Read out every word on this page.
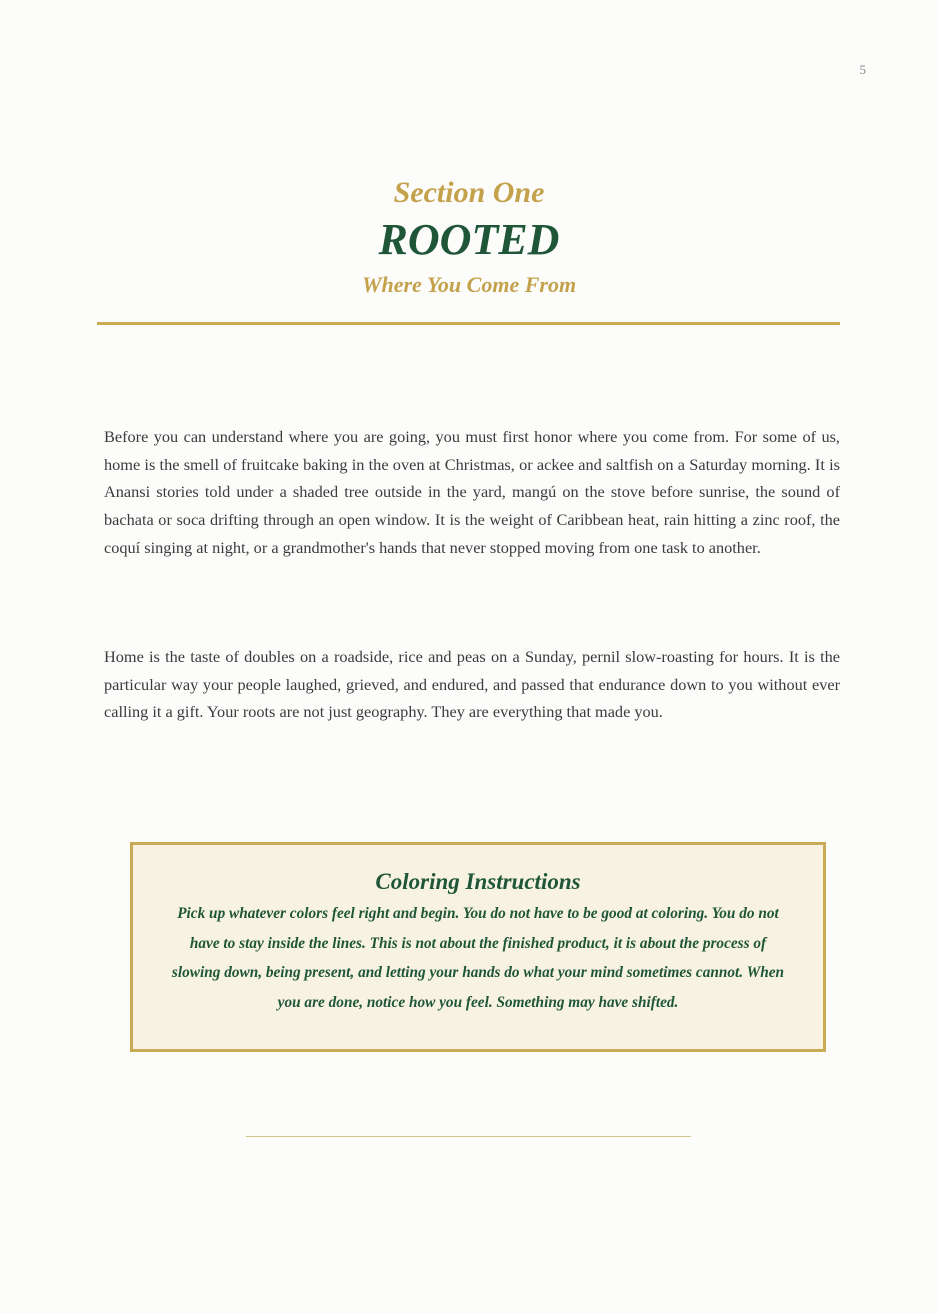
5
Section One
ROOTED
Where You Come From

Before you can understand where you are going, you must first honor where you come from. For some of us, home is the smell of fruitcake baking in the oven at Christmas, or ackee and saltfish on a Saturday morning. It is Anansi stories told under a shaded tree outside in the yard, mangú on the stove before sunrise, the sound of bachata or soca drifting through an open window. It is the weight of Caribbean heat, rain hitting a zinc roof, the coquí singing at night, or a grandmother's hands that never stopped moving from one task to another.

Home is the taste of doubles on a roadside, rice and peas on a Sunday, pernil slow-roasting for hours. It is the particular way your people laughed, grieved, and endured, and passed that endurance down to you without ever calling it a gift. Your roots are not just geography. They are everything that made you.

Coloring Instructions
Pick up whatever colors feel right and begin. You do not have to be good at coloring. You do not have to stay inside the lines. This is not about the finished product, it is about the process of slowing down, being present, and letting your hands do what your mind sometimes cannot. When you are done, notice how you feel. Something may have shifted.
